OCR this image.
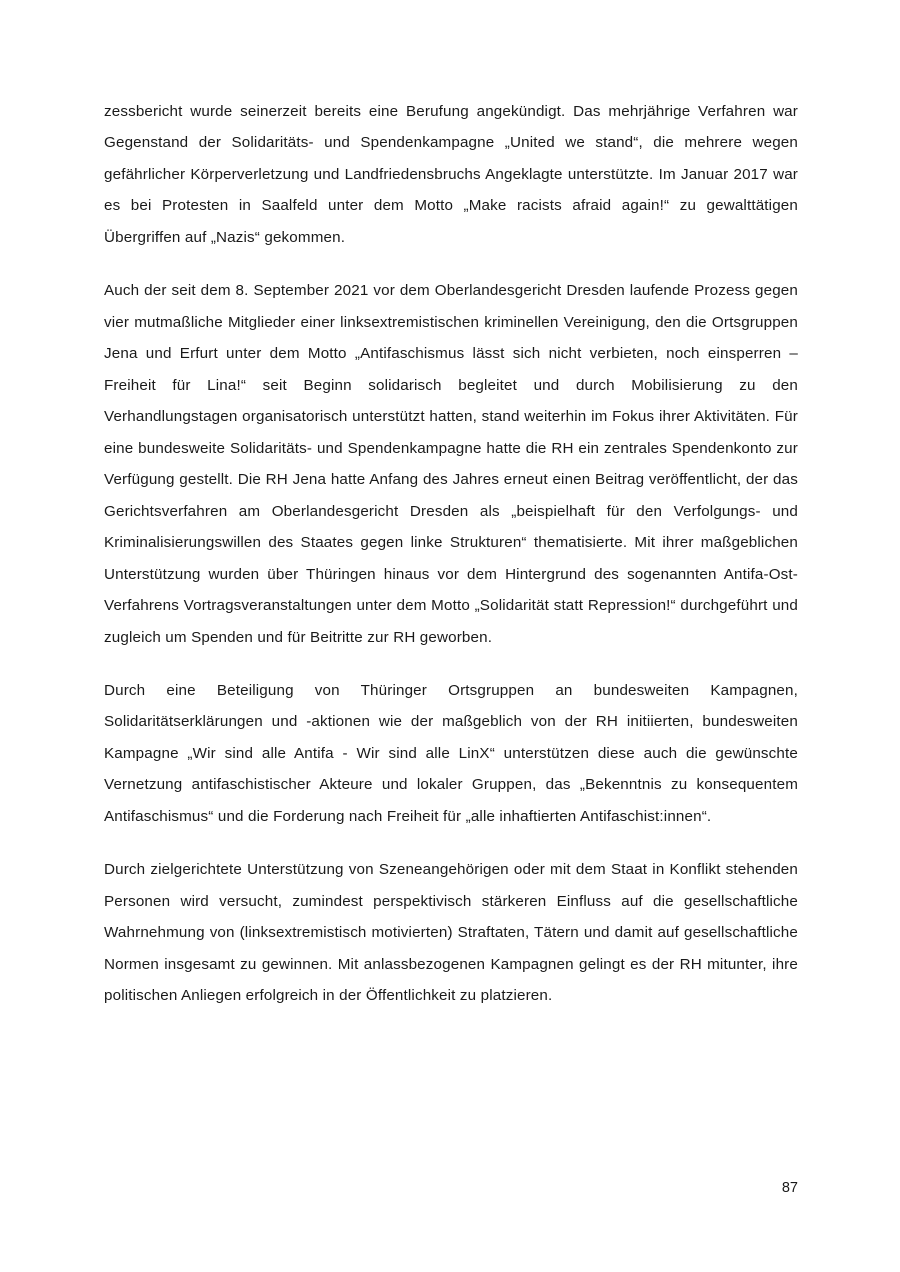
zessbericht wurde seinerzeit bereits eine Berufung angekündigt. Das mehrjährige Verfahren war Gegenstand der Solidaritäts- und Spendenkampagne „United we stand“, die mehrere wegen gefährlicher Körperverletzung und Landfriedensbruchs Angeklagte unterstützte. Im Januar 2017 war es bei Protesten in Saalfeld unter dem Motto „Make racists afraid again!“ zu gewalttätigen Übergriffen auf „Nazis“ gekommen.

Auch der seit dem 8. September 2021 vor dem Oberlandesgericht Dresden laufende Prozess gegen vier mutmaßliche Mitglieder einer linksextremistischen kriminellen Vereinigung, den die Ortsgruppen Jena und Erfurt unter dem Motto „Antifaschismus lässt sich nicht verbieten, noch einsperren – Freiheit für Lina!“ seit Beginn solidarisch begleitet und durch Mobilisierung zu den Verhandlungstagen organisatorisch unterstützt hatten, stand weiterhin im Fokus ihrer Aktivitäten. Für eine bundesweite Solidaritäts- und Spendenkampagne hatte die RH ein zentrales Spendenkonto zur Verfügung gestellt. Die RH Jena hatte Anfang des Jahres erneut einen Beitrag veröffentlicht, der das Gerichtsverfahren am Oberlandesgericht Dresden als „beispielhaft für den Verfolgungs- und Kriminalisierungswillen des Staates gegen linke Strukturen“ thematisierte. Mit ihrer maßgeblichen Unterstützung wurden über Thüringen hinaus vor dem Hintergrund des sogenannten Antifa-Ost-Verfahrens Vortragsveranstaltungen unter dem Motto „Solidarität statt Repression!“ durchgeführt und zugleich um Spenden und für Beitritte zur RH geworben.

Durch eine Beteiligung von Thüringer Ortsgruppen an bundesweiten Kampagnen, Solidaritätserklärungen und -aktionen wie der maßgeblich von der RH initiierten, bundesweiten Kampagne „Wir sind alle Antifa - Wir sind alle LinX“ unterstützen diese auch die gewünschte Vernetzung antifaschistischer Akteure und lokaler Gruppen, das „Bekenntnis zu konsequentem Antifaschismus“ und die Forderung nach Freiheit für „alle inhaftierten Antifaschist:innen“.

Durch zielgerichtete Unterstützung von Szeneangehörigen oder mit dem Staat in Konflikt stehenden Personen wird versucht, zumindest perspektivisch stärkeren Einfluss auf die gesellschaftliche Wahrnehmung von (linksextremistisch motivierten) Straftaten, Tätern und damit auf gesellschaftliche Normen insgesamt zu gewinnen. Mit anlassbezogenen Kampagnen gelingt es der RH mitunter, ihre politischen Anliegen erfolgreich in der Öffentlichkeit zu platzieren.

87
